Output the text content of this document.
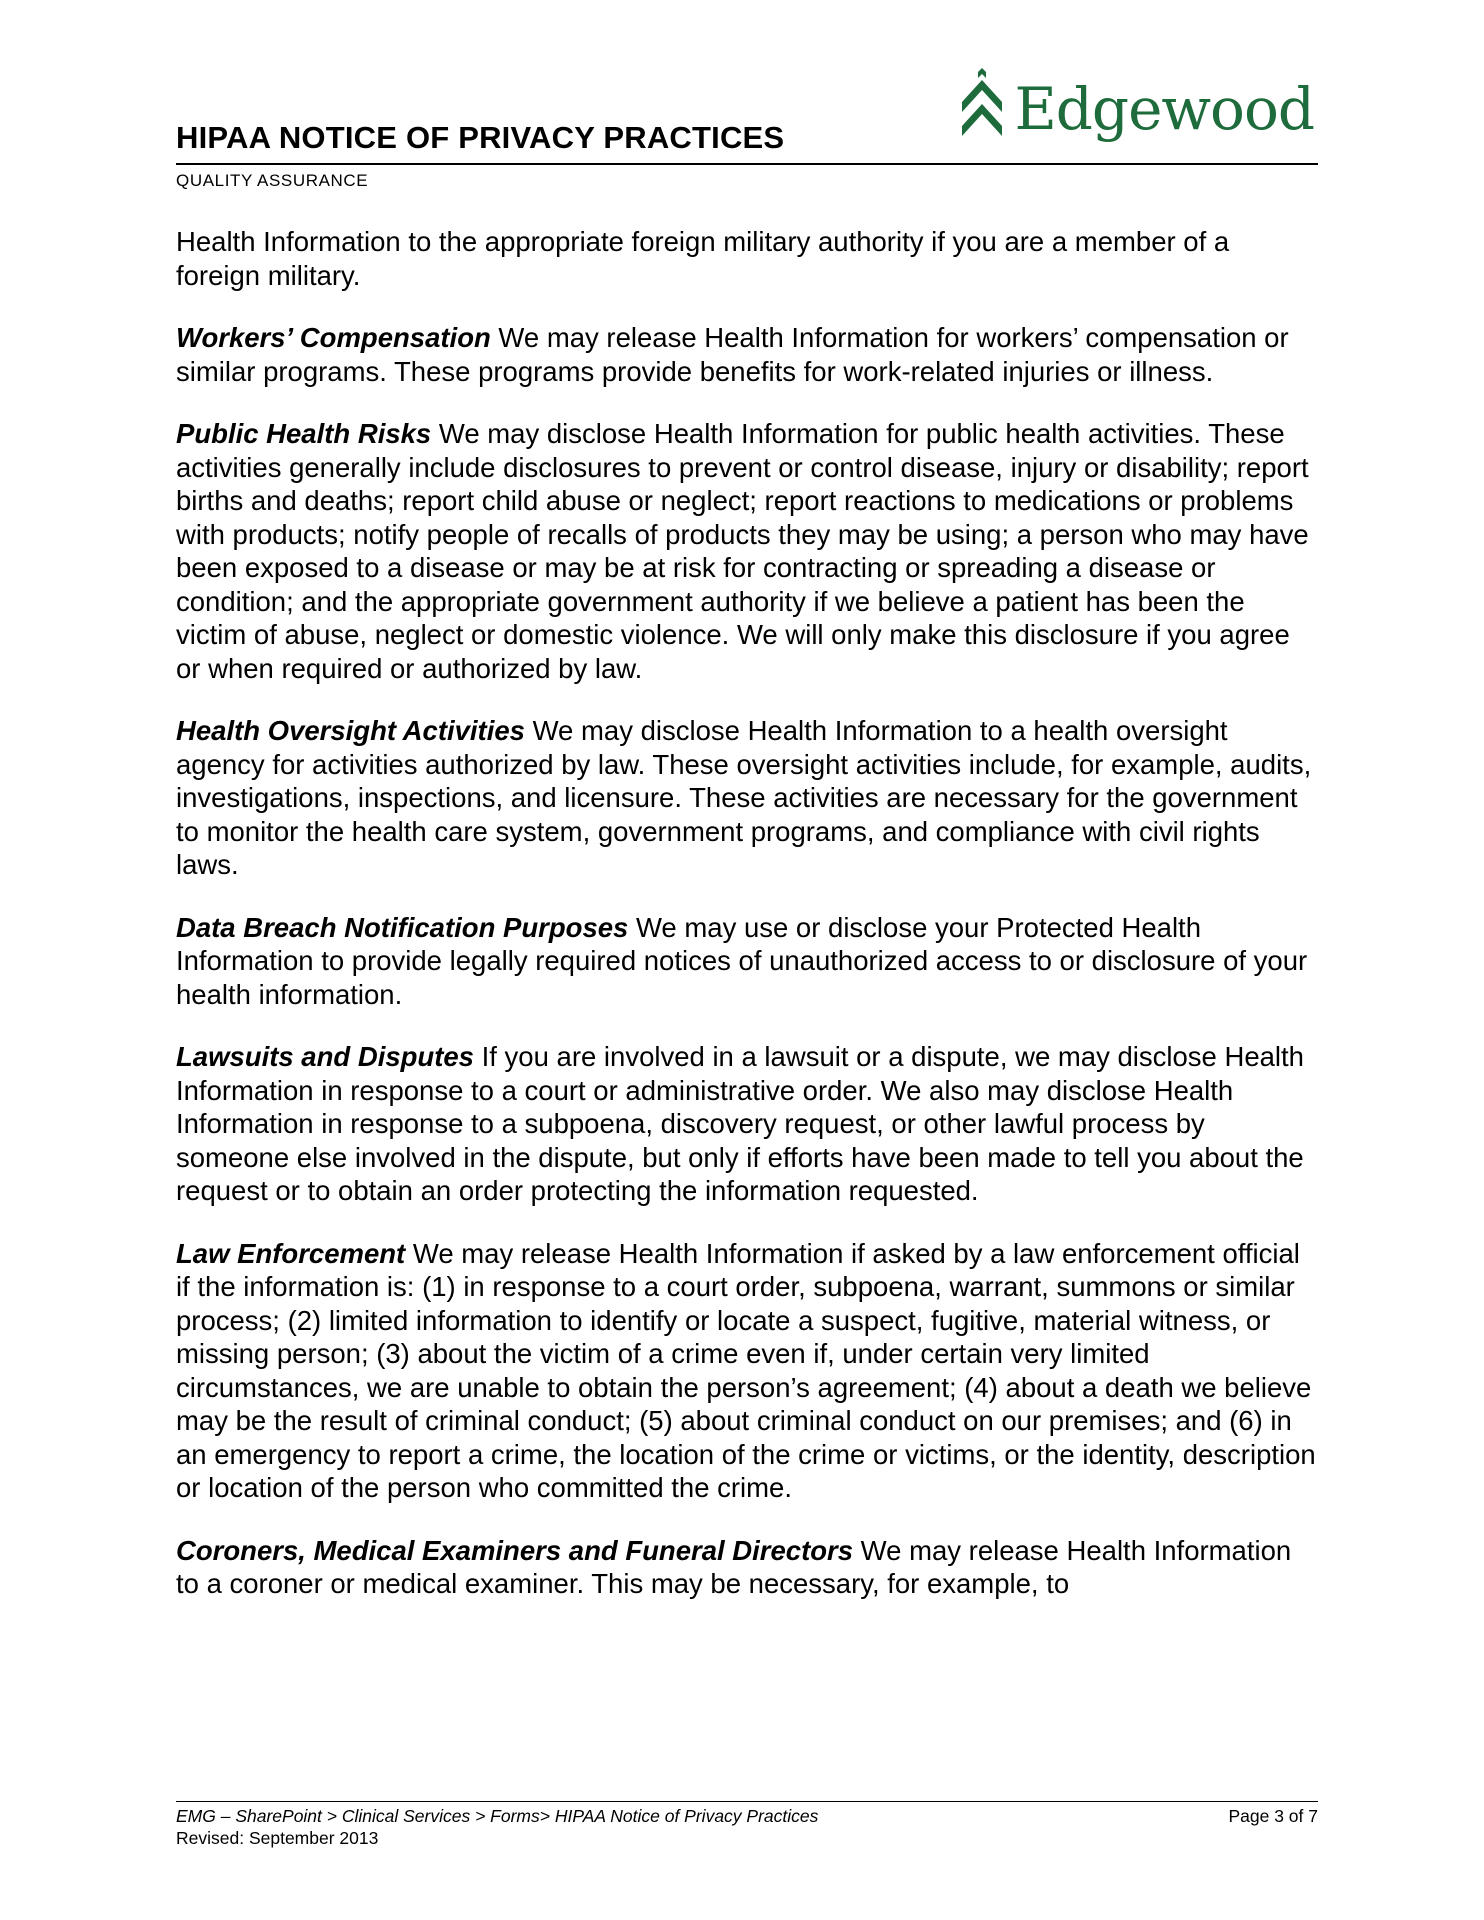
HIPAA NOTICE OF PRIVACY PRACTICES	Edgewood
QUALITY ASSURANCE

Health Information to the appropriate foreign military authority if you are a member of a foreign military.

Workers’ Compensation We may release Health Information for workers’ compensation or similar programs. These programs provide benefits for work-related injuries or illness.

Public Health Risks We may disclose Health Information for public health activities. These activities generally include disclosures to prevent or control disease, injury or disability; report births and deaths; report child abuse or neglect; report reactions to medications or problems with products; notify people of recalls of products they may be using; a person who may have been exposed to a disease or may be at risk for contracting or spreading a disease or condition; and the appropriate government authority if we believe a patient has been the victim of abuse, neglect or domestic violence. We will only make this disclosure if you agree or when required or authorized by law.

Health Oversight Activities We may disclose Health Information to a health oversight agency for activities authorized by law. These oversight activities include, for example, audits, investigations, inspections, and licensure. These activities are necessary for the government to monitor the health care system, government programs, and compliance with civil rights laws.

Data Breach Notification Purposes We may use or disclose your Protected Health Information to provide legally required notices of unauthorized access to or disclosure of your health information.

Lawsuits and Disputes If you are involved in a lawsuit or a dispute, we may disclose Health Information in response to a court or administrative order. We also may disclose Health Information in response to a subpoena, discovery request, or other lawful process by someone else involved in the dispute, but only if efforts have been made to tell you about the request or to obtain an order protecting the information requested.

Law Enforcement We may release Health Information if asked by a law enforcement official if the information is: (1) in response to a court order, subpoena, warrant, summons or similar process; (2) limited information to identify or locate a suspect, fugitive, material witness, or missing person; (3) about the victim of a crime even if, under certain very limited circumstances, we are unable to obtain the person’s agreement; (4) about a death we believe may be the result of criminal conduct; (5) about criminal conduct on our premises; and (6) in an emergency to report a crime, the location of the crime or victims, or the identity, description or location of the person who committed the crime.

Coroners, Medical Examiners and Funeral Directors We may release Health Information to a coroner or medical examiner. This may be necessary, for example, to

EMG – SharePoint > Clinical Services > Forms> HIPAA Notice of Privacy Practices	Page 3 of 7
Revised: September 2013
